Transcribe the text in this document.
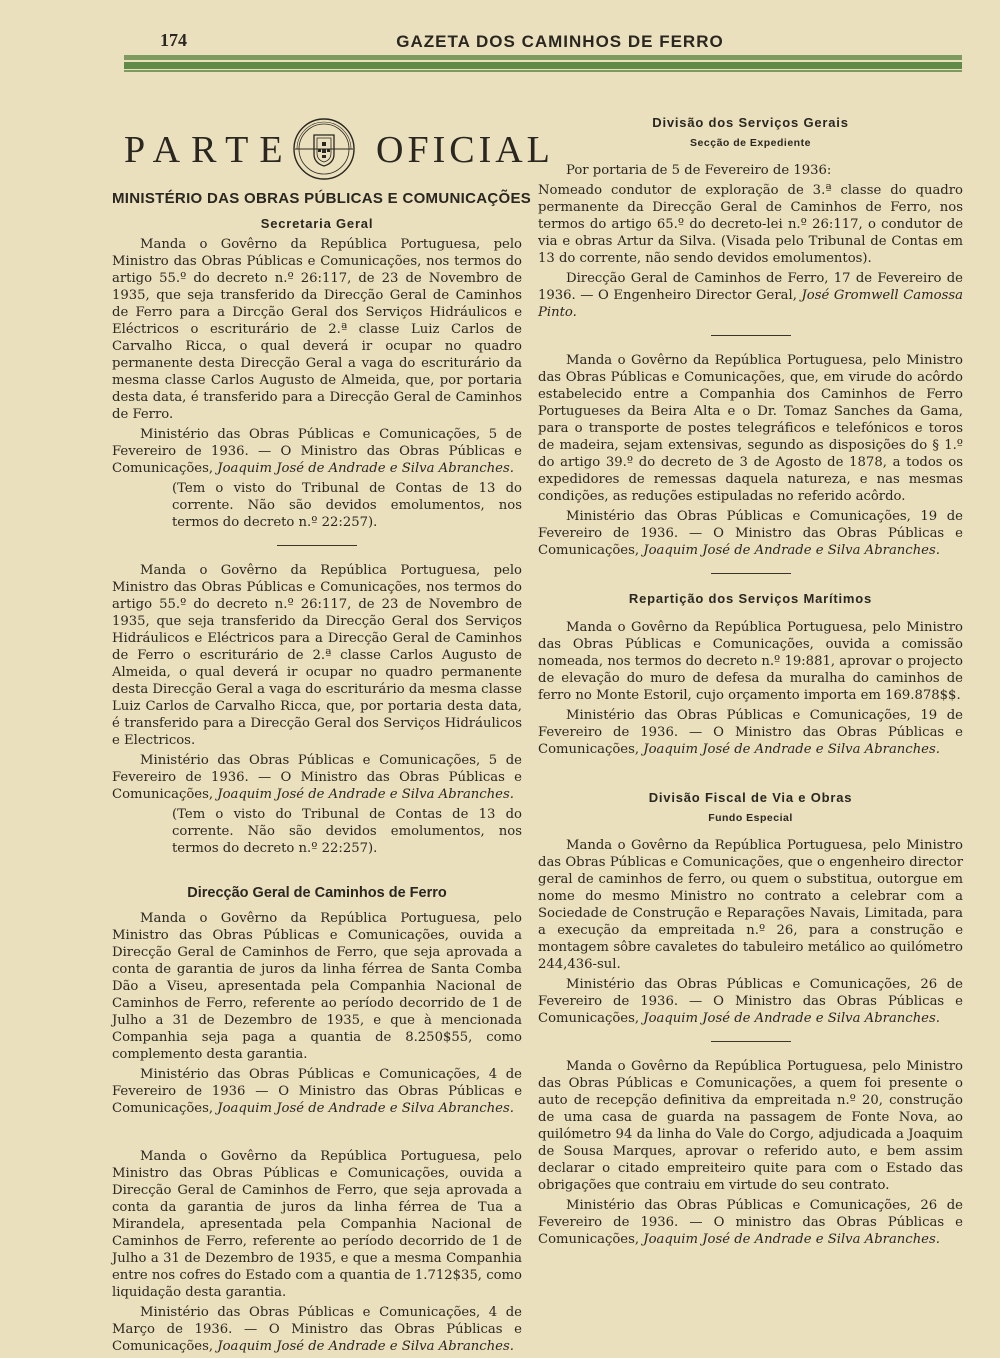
174	GAZETA DOS CAMINHOS DE FERRO
PARTE OFICIAL
MINISTÉRIO DAS OBRAS PÚBLICAS E COMUNICAÇÕES
Secretaria Geral

Manda o Govêrno da República Portuguesa, pelo Ministro das Obras Públicas e Comunicações, nos termos do artigo 55.º do decreto n.º 26:117, de 23 de Novembro de 1935, que seja transferido da Direcção Geral de Caminhos de Ferro para a Dircção Geral dos Serviços Hidráulicos e Eléctricos o escriturário de 2.ª classe Luiz Carlos de Carvalho Ricca, o qual deverá ir ocupar no quadro permanente desta Direcção Geral a vaga do escriturário da mesma classe Carlos Augusto de Almeida, que, por portaria desta data, é transferido para a Direcção Geral de Caminhos de Ferro.

Ministério das Obras Públicas e Comunicações, 5 de Fevereiro de 1936. — O Ministro das Obras Públicas e Comunicações, Joaquim José de Andrade e Silva Abranches.

(Tem o visto do Tribunal de Contas de 13 do corrente. Não são devidos emolumentos, nos termos do decreto n.º 22:257).

Manda o Govêrno da República Portuguesa, pelo Ministro das Obras Públicas e Comunicações, nos termos do artigo 55.º do decreto n.º 26:117, de 23 de Novembro de 1935, que seja transferido da Direcção Geral dos Serviços Hidráulicos e Eléctricos para a Direcção Geral de Caminhos de Ferro o escriturário de 2.ª classe Carlos Augusto de Almeida, o qual deverá ir ocupar no quadro permanente desta Direcção Geral a vaga do escriturário da mesma classe Luiz Carlos de Carvalho Ricca, que, por portaria desta data, é transferido para a Direcção Geral dos Serviços Hidráulicos e Electricos.

Ministério das Obras Públicas e Comunicações, 5 de Fevereiro de 1936. — O Ministro das Obras Públicas e Comunicações, Joaquim José de Andrade e Silva Abranches.

(Tem o visto do Tribunal de Contas de 13 do corrente. Não são devidos emolumentos, nos termos do decreto n.º 22:257).

Direcção Geral de Caminhos de Ferro

Manda o Govêrno da República Portuguesa, pelo Ministro das Obras Públicas e Comunicações, ouvida a Direcção Geral de Caminhos de Ferro, que seja aprovada a conta de garantia de juros da linha férrea de Santa Comba Dão a Viseu, apresentada pela Companhia Nacional de Caminhos de Ferro, referente ao período decorrido de 1 de Julho a 31 de Dezembro de 1935, e que à mencionada Companhia seja paga a quantia de 8.250$55, como complemento desta garantia.

Ministério das Obras Públicas e Comunicações, 4 de Fevereiro de 1936 — O Ministro das Obras Públicas e Comunicações, Joaquim José de Andrade e Silva Abranches.

Manda o Govêrno da República Portuguesa, pelo Ministro das Obras Públicas e Comunicações, ouvida a Direcção Geral de Caminhos de Ferro, que seja aprovada a conta da garantia de juros da linha férrea de Tua a Mirandela, apresentada pela Companhia Nacional de Caminhos de Ferro, referente ao período decorrido de 1 de Julho a 31 de Dezembro de 1935, e que a mesma Companhia entre nos cofres do Estado com a quantia de 1.712$35, como liquidação desta garantia.

Ministério das Obras Públicas e Comunicações, 4 de Março de 1936. — O Ministro das Obras Públicas e Comunicações, Joaquim José de Andrade e Silva Abranches.

Divisão dos Serviços Gerais
Secção de Expediente

Por portaria de 5 de Fevereiro de 1936:

Nomeado condutor de exploração de 3.ª classe do quadro permanente da Direcção Geral de Caminhos de Ferro, nos termos do artigo 65.º do decreto-lei n.º 26:117, o condutor de via e obras Artur da Silva. (Visada pelo Tribunal de Contas em 13 do corrente, não sendo devidos emolumentos).

Direcção Geral de Caminhos de Ferro, 17 de Fevereiro de 1936. — O Engenheiro Director Geral, José Gromwell Camossa Pinto.

Manda o Govêrno da República Portuguesa, pelo Ministro das Obras Públicas e Comunicações, que, em virude do acôrdo estabelecido entre a Companhia dos Caminhos de Ferro Portugueses da Beira Alta e o Dr. Tomaz Sanches da Gama, para o transporte de postes telegráficos e telefónicos e toros de madeira, sejam extensivas, segundo as disposições do § 1.º do artigo 39.º do decreto de 3 de Agosto de 1878, a todos os expedidores de remessas daquela natureza, e nas mesmas condições, as reduções estipuladas no referido acôrdo.

Ministério das Obras Públicas e Comunicações, 19 de Fevereiro de 1936. — O Ministro das Obras Públicas e Comunicações, Joaquim José de Andrade e Silva Abranches.

Repartição dos Serviços Marítimos

Manda o Govêrno da República Portuguesa, pelo Ministro das Obras Públicas e Comunicações, ouvida a comissão nomeada, nos termos do decreto n.º 19:881, aprovar o projecto de elevação do muro de defesa da muralha do caminhos de ferro no Monte Estoril, cujo orçamento importa em 169.878$$.

Ministério das Obras Públicas e Comunicações, 19 de Fevereiro de 1936. — O Ministro das Obras Públicas e Comunicações, Joaquim José de Andrade e Silva Abranches.

Divisão Fiscal de Via e Obras
Fundo Especial

Manda o Govêrno da República Portuguesa, pelo Ministro das Obras Públicas e Comunicações, que o engenheiro director geral de caminhos de ferro, ou quem o substitua, outorgue em nome do mesmo Ministro no contrato a celebrar com a Sociedade de Construção e Reparações Navais, Limitada, para a execução da empreitada n.º 26, para a construção e montagem sôbre cavaletes do tabuleiro metálico ao quilómetro 244,436-sul.

Ministério das Obras Públicas e Comunicações, 26 de Fevereiro de 1936. — O Ministro das Obras Públicas e Comunicações, Joaquim José de Andrade e Silva Abranches.

Manda o Govêrno da República Portuguesa, pelo Ministro das Obras Públicas e Comunicações, a quem foi presente o auto de recepção definitiva da empreitada n.º 20, construção de uma casa de guarda na passagem de Fonte Nova, ao quilómetro 94 da linha do Vale do Corgo, adjudicada a Joaquim de Sousa Marques, aprovar o referido auto, e bem assim declarar o citado empreiteiro quite para com o Estado das obrigações que contraiu em virtude do seu contrato.

Ministério das Obras Públicas e Comunicações, 26 de Fevereiro de 1936. — O ministro das Obras Públicas e Comunicações, Joaquim José de Andrade e Silva Abranches.
